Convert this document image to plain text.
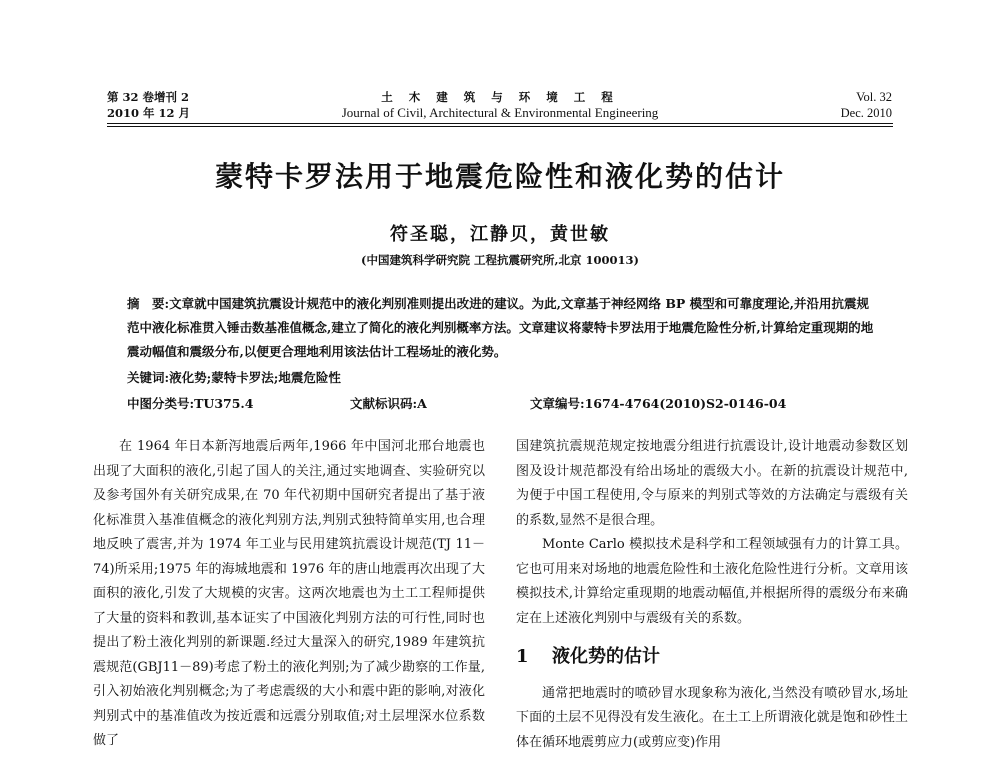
第 32 卷增刊 2
2010 年 12 月
土 木 建 筑 与 环 境 工 程
Journal of Civil, Architectural & Environmental Engineering
Vol. 32
Dec. 2010
蒙特卡罗法用于地震危险性和液化势的估计
符圣聪，江静贝，黄世敏
(中国建筑科学研究院 工程抗震研究所,北京 100013)
摘　要:文章就中国建筑抗震设计规范中的液化判别准则提出改进的建议。为此,文章基于神经网络 BP 模型和可靠度理论,并沿用抗震规范中液化标准贯入锤击数基准值概念,建立了简化的液化判别概率方法。文章建议将蒙特卡罗法用于地震危险性分析,计算给定重现期的地震动幅值和震级分布,以便更合理地利用该法估计工程场址的液化势。
关键词:液化势;蒙特卡罗法;地震危险性
中图分类号:TU375.4	文献标识码:A	文章编号:1674-4764(2010)S2-0146-04

在 1964 年日本新泻地震后两年,1966 年中国河北邢台地震也出现了大面积的液化,引起了国人的关注,通过实地调查、实验研究以及参考国外有关研究成果,在 70 年代初期中国研究者提出了基于液化标准贯入基准值概念的液化判别方法,判别式独特简单实用,也合理地反映了震害,并为 1974 年工业与民用建筑抗震设计规范(TJ 11－74)所采用;1975 年的海城地震和 1976 年的唐山地震再次出现了大面积的液化,引发了大规模的灾害。这两次地震也为土工工程师提供了大量的资料和教训,基本证实了中国液化判别方法的可行性,同时也提出了粉土液化判别的新课题.经过大量深入的研究,1989 年建筑抗震规范(GBJ11－89)考虑了粉土的液化判别;为了减少勘察的工作量,引入初始液化判别概念;为了考虑震级的大小和震中距的影响,对液化判别式中的基准值改为按近震和远震分别取值;对土层埋深水位系数做了

国建筑抗震规范规定按地震分组进行抗震设计,设计地震动参数区划图及设计规范都没有给出场址的震级大小。在新的抗震设计规范中,为便于中国工程使用,令与原来的判别式等效的方法确定与震级有关的系数,显然不是很合理。

Monte Carlo 模拟技术是科学和工程领域强有力的计算工具。它也可用来对场地的地震危险性和土液化危险性进行分析。文章用该模拟技术,计算给定重现期的地震动幅值,并根据所得的震级分布来确定在上述液化判别中与震级有关的系数。

1 液化势的估计

通常把地震时的喷砂冒水现象称为液化,当然没有喷砂冒水,场址下面的土层不见得没有发生液化。在土工上所谓液化就是饱和砂性土体在循环地震剪应力(或剪应变)作用
